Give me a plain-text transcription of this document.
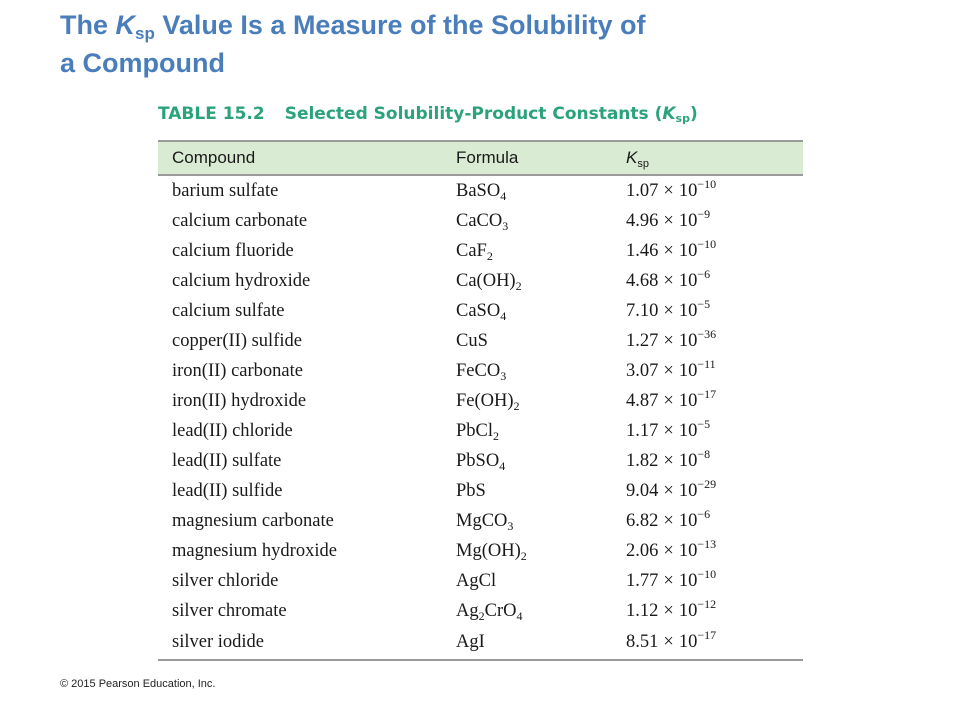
The $K_{sp}$ Value Is a Measure of the Solubility of
a Compound
TABLE 15.2 Selected Solubility-Product Constants $(K_{sp})$
Compound	Formula	$K_{sp}$
barium sulfate	BaSO$_4$	$1.07 \times 10^{-10}$
calcium carbonate	CaCO$_3$	$4.96 \times 10^{-9}$
calcium fluoride	CaF$_2$	$1.46 \times 10^{-10}$
calcium hydroxide	$Ca(OH)_2$	$4.68 \times 10^{-6}$
calcium sulfate	CaSO$_4$	$7.10 \times 10^{-5}$
copper(II) sulfide	CuS	$1.27 \times 10^{-36}$
iron(II) carbonate	FeCO$_3$	$3.07 \times 10^{-11}$
iron(II) hydroxide	$Fe(OH)_2$	$4.87 \times 10^{-17}$
lead(II) chloride	PbCl$_2$	$1.17 \times 10^{-5}$
lead(II) sulfate	PbSO$_4$	$1.82 \times 10^{-8}$
lead(II) sulfide	PbS	$9.04 \times 10^{-29}$
magnesium carbonate	MgCO$_3$	$6.82 \times 10^{-6}$
magnesium hydroxide	$Mg(OH)_2$	$2.06 \times 10^{-13}$
silver chloride	AgCl	$1.77 \times 10^{-10}$
silver chromate	$Ag_2CrO_4$	$1.12 \times 10^{-12}$
silver iodide	AgI	$8.51 \times 10^{-17}$
© 2015 Pearson Education, Inc.
